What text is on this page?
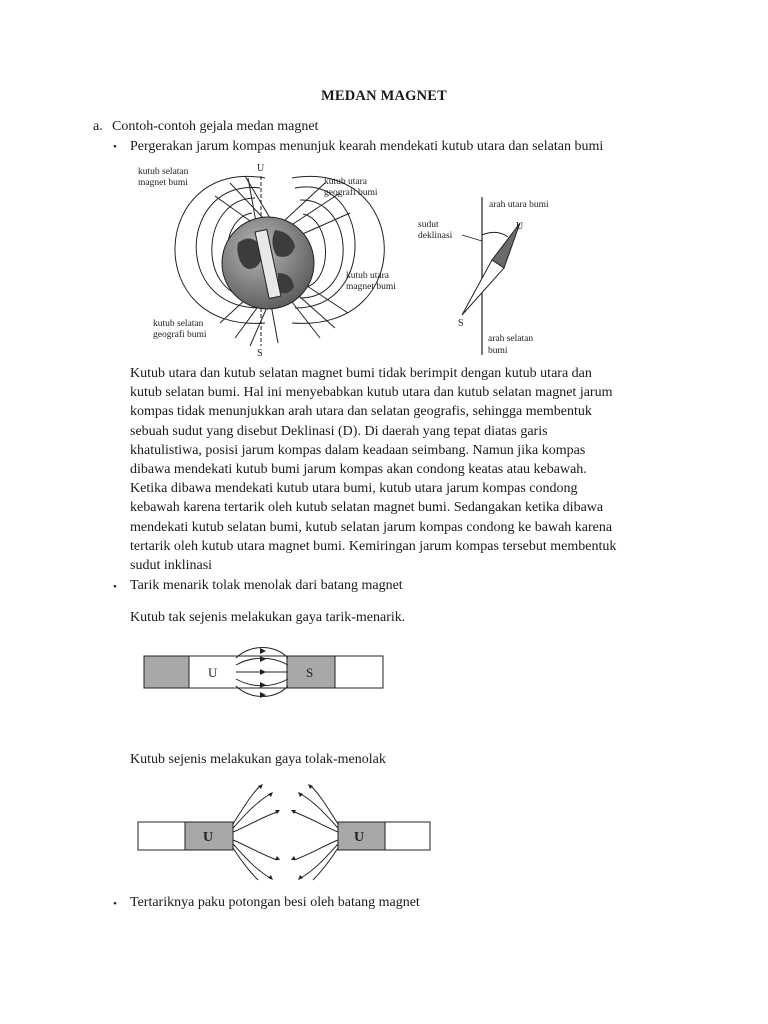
MEDAN MAGNET
a. Contoh-contoh gejala medan magnet
• Pergerakan jarum kompas menunjuk kearah mendekati kutub utara dan selatan bumi
U
S
kutub selatan
magnet bumi	kutub utara
geografi bumi
kutub utara
magnet bumi
kutub selatan
geografi bumi
arah utara bumi
sudut
deklinasi
U
S
arah selatan
bumi
Kutub utara dan kutub selatan magnet bumi tidak berimpit dengan kutub utara dan
kutub selatan bumi. Hal ini menyebabkan kutub utara dan kutub selatan magnet jarum
kompas tidak menunjukkan arah utara dan selatan geografis, sehingga membentuk
sebuah sudut yang disebut Deklinasi (D). Di daerah yang tepat diatas garis
khatulistiwa, posisi jarum kompas dalam keadaan seimbang. Namun jika kompas
dibawa mendekati kutub bumi jarum kompas akan condong keatas atau kebawah.
Ketika dibawa mendekati kutub utara bumi, kutub utara jarum kompas condong
kebawah karena tertarik oleh kutub selatan magnet bumi. Sedangakan ketika dibawa
mendekati kutub selatan bumi, kutub selatan jarum kompas condong ke bawah karena
tertarik oleh kutub utara magnet bumi. Kemiringan jarum kompas tersebut membentuk
sudut inklinasi
• Tarik menarik tolak menolak dari batang magnet
Kutub tak sejenis melakukan gaya tarik-menarik.
U	S
Kutub sejenis melakukan gaya tolak-menolak
U	U
• Tertariknya paku potongan besi oleh batang magnet
